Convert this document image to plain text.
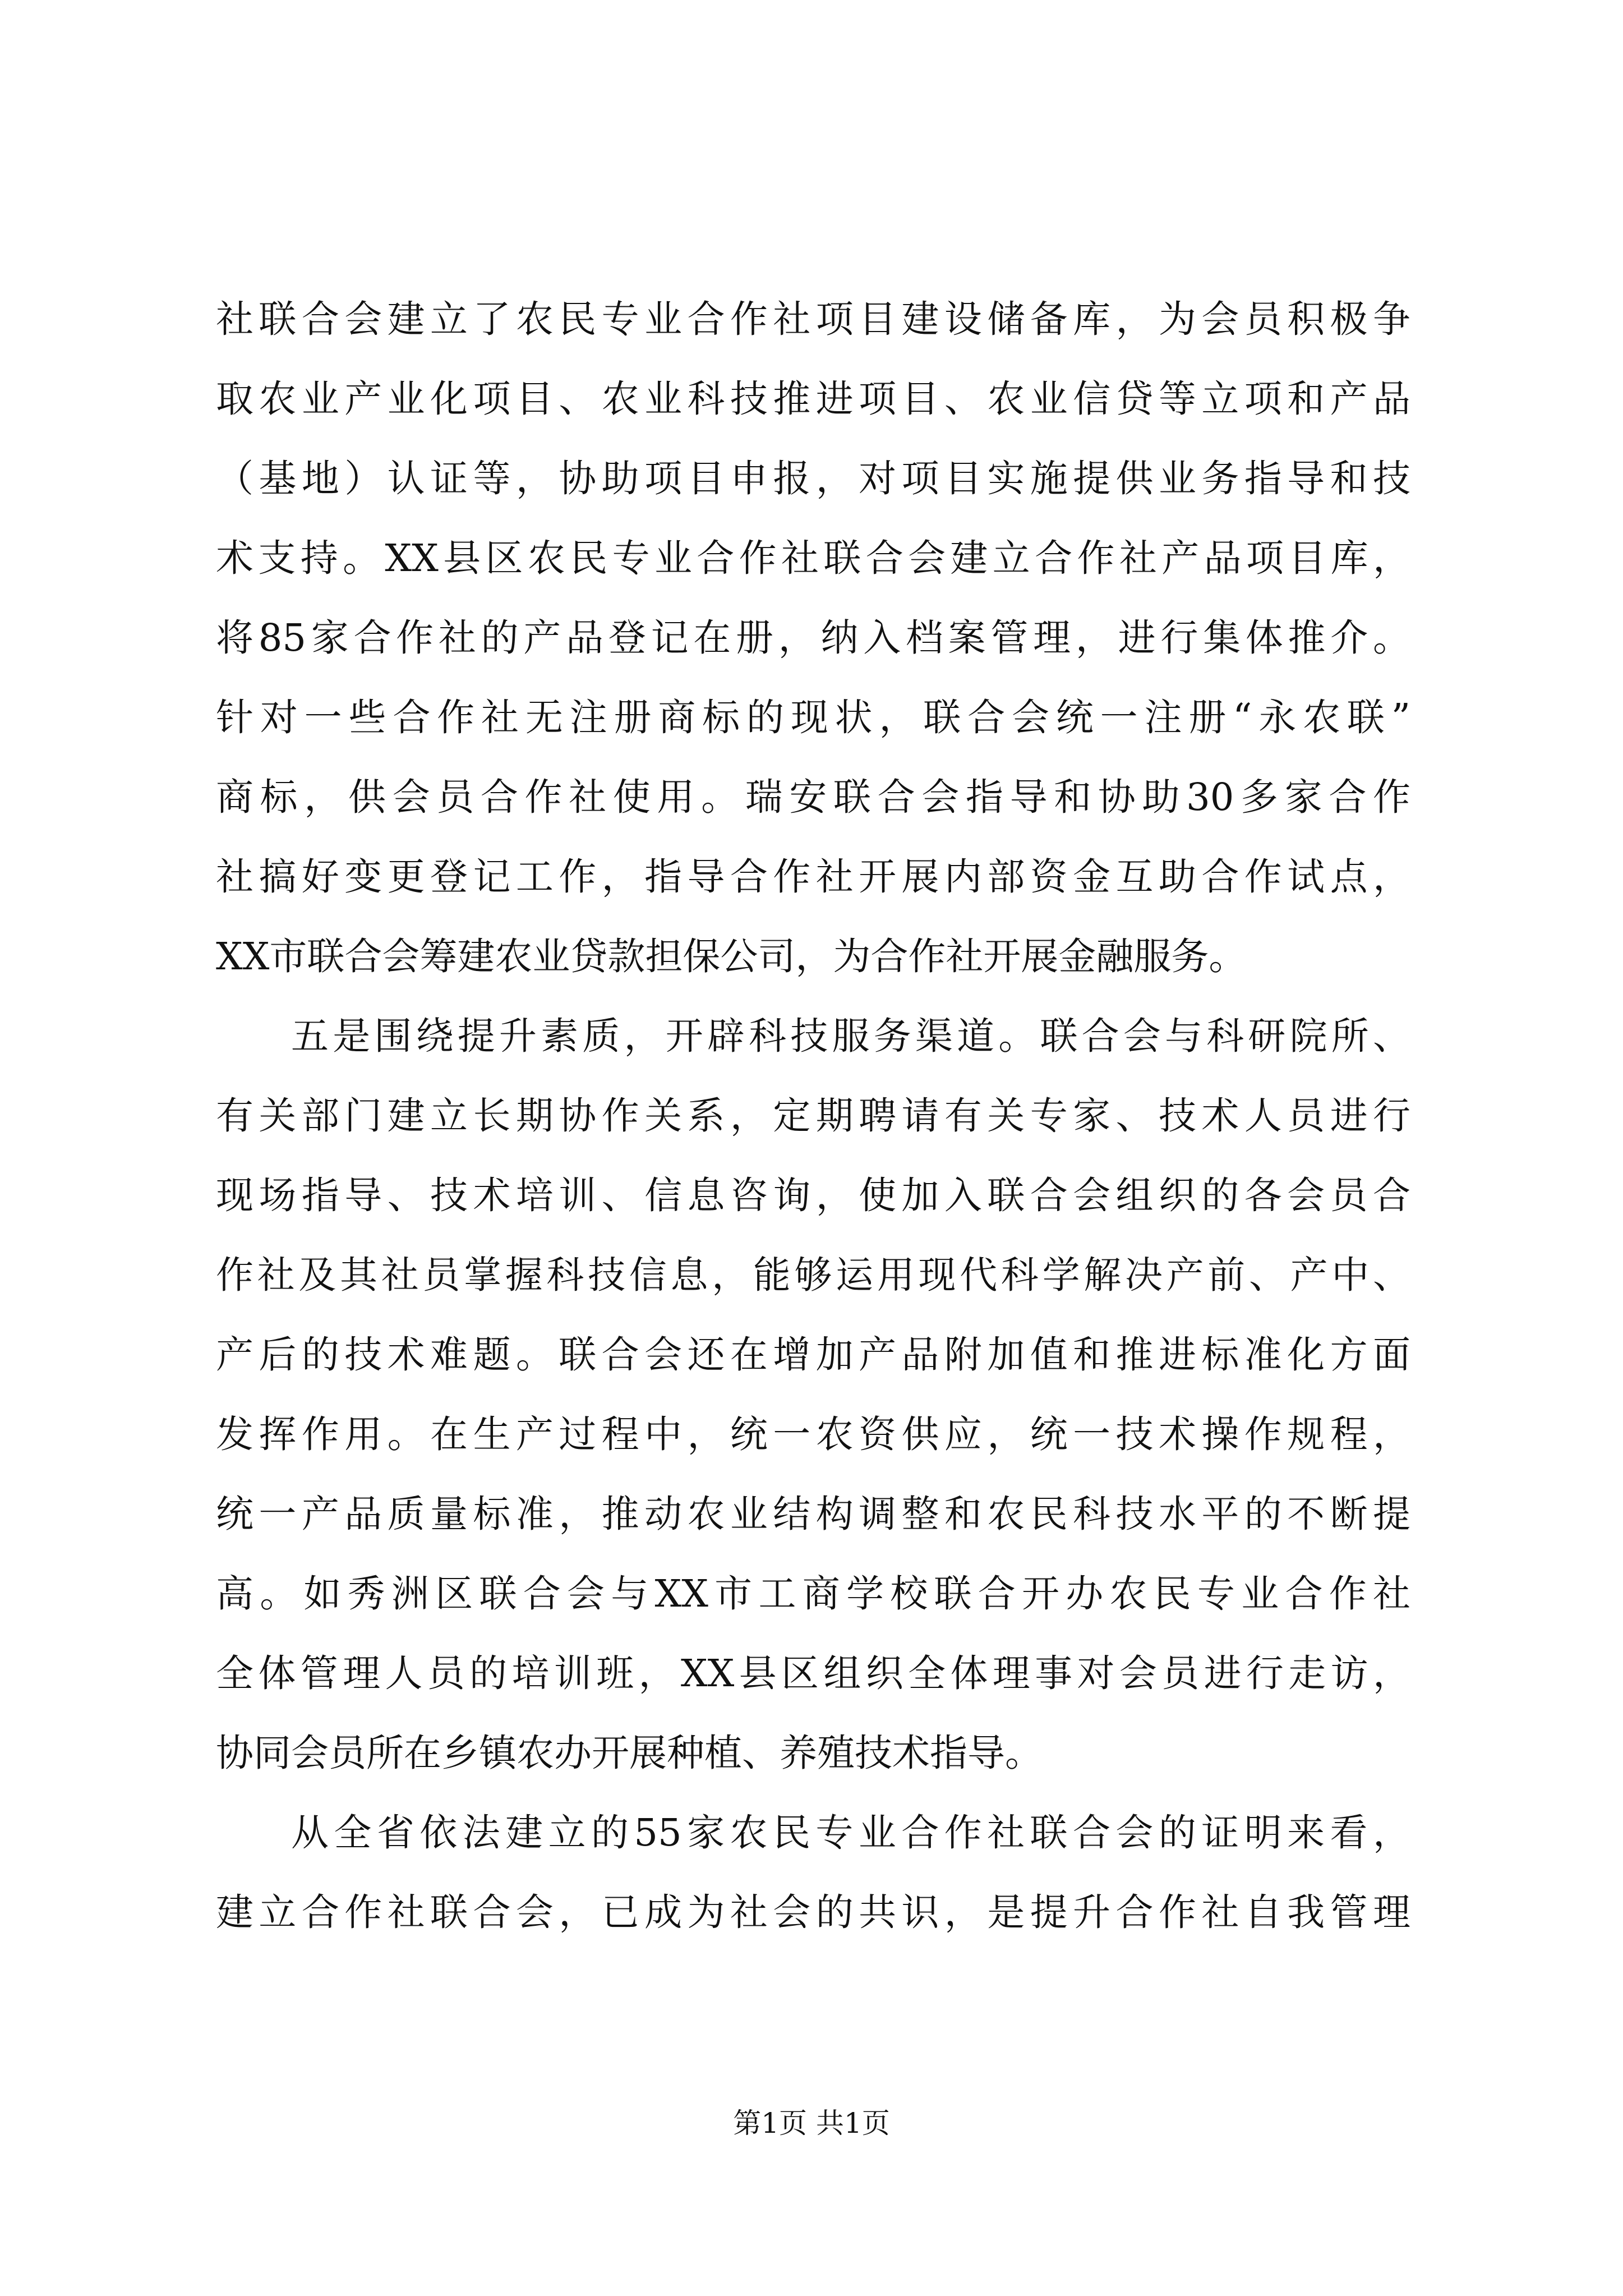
社联合会建立了农民专业合作社项目建设储备库，为会员积极争
取农业产业化项目、农业科技推进项目、农业信贷等立项和产品
（基地）认证等，协助项目申报，对项目实施提供业务指导和技
术支持。XX县区农民专业合作社联合会建立合作社产品项目库，
将85家合作社的产品登记在册，纳入档案管理，进行集体推介。
针对一些合作社无注册商标的现状，联合会统一注册“永农联”
商标，供会员合作社使用。瑞安联合会指导和协助30多家合作
社搞好变更登记工作，指导合作社开展内部资金互助合作试点，
XX市联合会筹建农业贷款担保公司，为合作社开展金融服务。
五是围绕提升素质，开辟科技服务渠道。联合会与科研院所、
有关部门建立长期协作关系，定期聘请有关专家、技术人员进行
现场指导、技术培训、信息咨询，使加入联合会组织的各会员合
作社及其社员掌握科技信息，能够运用现代科学解决产前、产中、
产后的技术难题。联合会还在增加产品附加值和推进标准化方面
发挥作用。在生产过程中，统一农资供应，统一技术操作规程，
统一产品质量标准，推动农业结构调整和农民科技水平的不断提
高。如秀洲区联合会与XX市工商学校联合开办农民专业合作社
全体管理人员的培训班，XX县区组织全体理事对会员进行走访，
协同会员所在乡镇农办开展种植、养殖技术指导。
从全省依法建立的55家农民专业合作社联合会的证明来看，
建立合作社联合会，已成为社会的共识，是提升合作社自我管理
第1页 共1页
